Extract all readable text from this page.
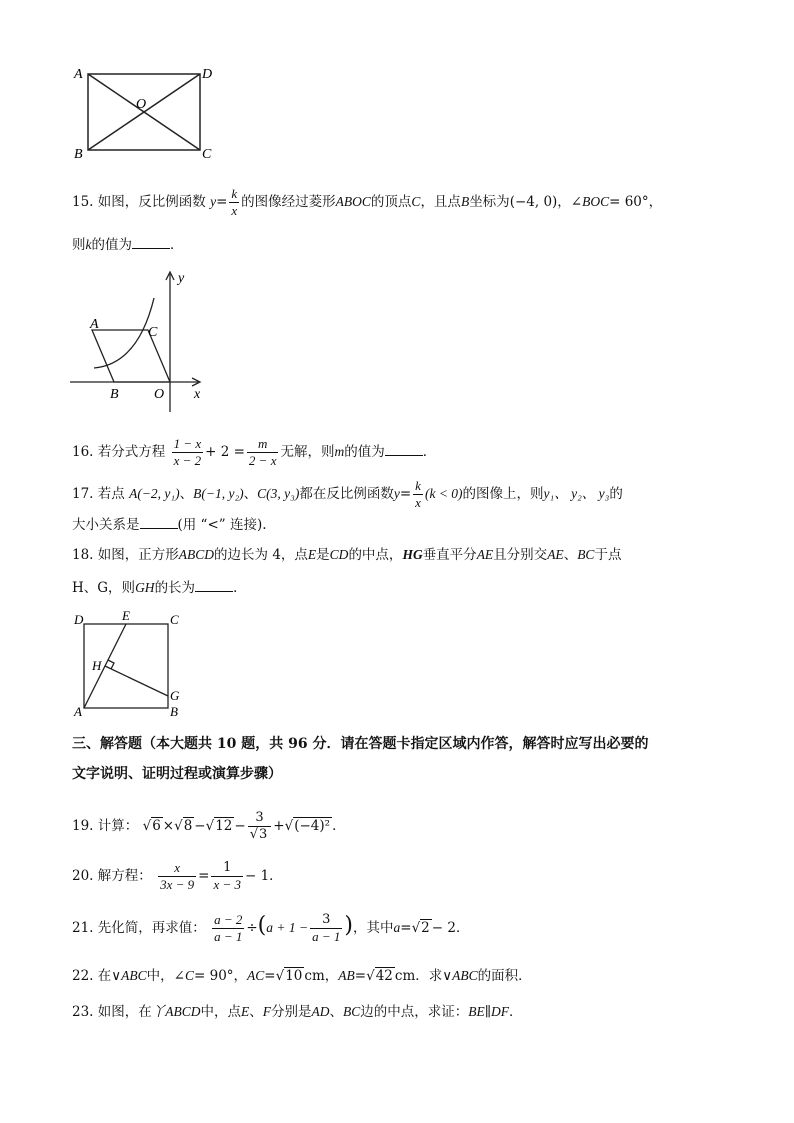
A	D
O
B	C
15. 如图，反比例函数 $y= \frac{k}{x}$ 的图像经过菱形ABOC的顶点C，且点B坐标为(−4, 0)，∠BOC= 60°，
则k的值为	．
y
A
C
B	O x
16. 若分式方程 $\frac{1 - x}{x - 2} + 2 = \frac{m}{2 - x}$ 无解，则m的值为	．
17. 若点 A(−2, y₁)、B(−1, y₂)、C(3, y₃)都在反比例函数$y= \frac{k}{x} (k < 0)$的图像上，则y₁、 y₂、 y₃的
大小关系是	(用 “<” 连接).
18. 如图，正方形ABCD的边长为 4，点E是CD的中点，HG垂直平分AE且分别交AE、BC于点
H、G，则GH的长为	．
D	E	C
H
G
A	B
三、解答题（本大题共 10 题，共 96 分．请在答题卡指定区域内作答，解答时应写出必要的
文字说明、证明过程或演算步骤）
19. 计算： $√6 \times√8 -√12 - \frac{3}{√3} +√(-4)^2$ ．
20. 解方程： $\frac{x}{3x - 9} = \frac{1}{x - 3} - 1$．
21. 先化简，再求值： $\frac{a - 2}{a - 1} \div(a + 1 - \frac{3}{a - 1}$ )，其中a=√2 − 2．
22. 在∨ABC中，∠C= 90°，AC=√10 cm，AB=√42 cm．求∨ABC的面积．
23. 如图，在丫ABCD中，点E、F分别是AD、BC边的中点，求证：BE∥DF．
